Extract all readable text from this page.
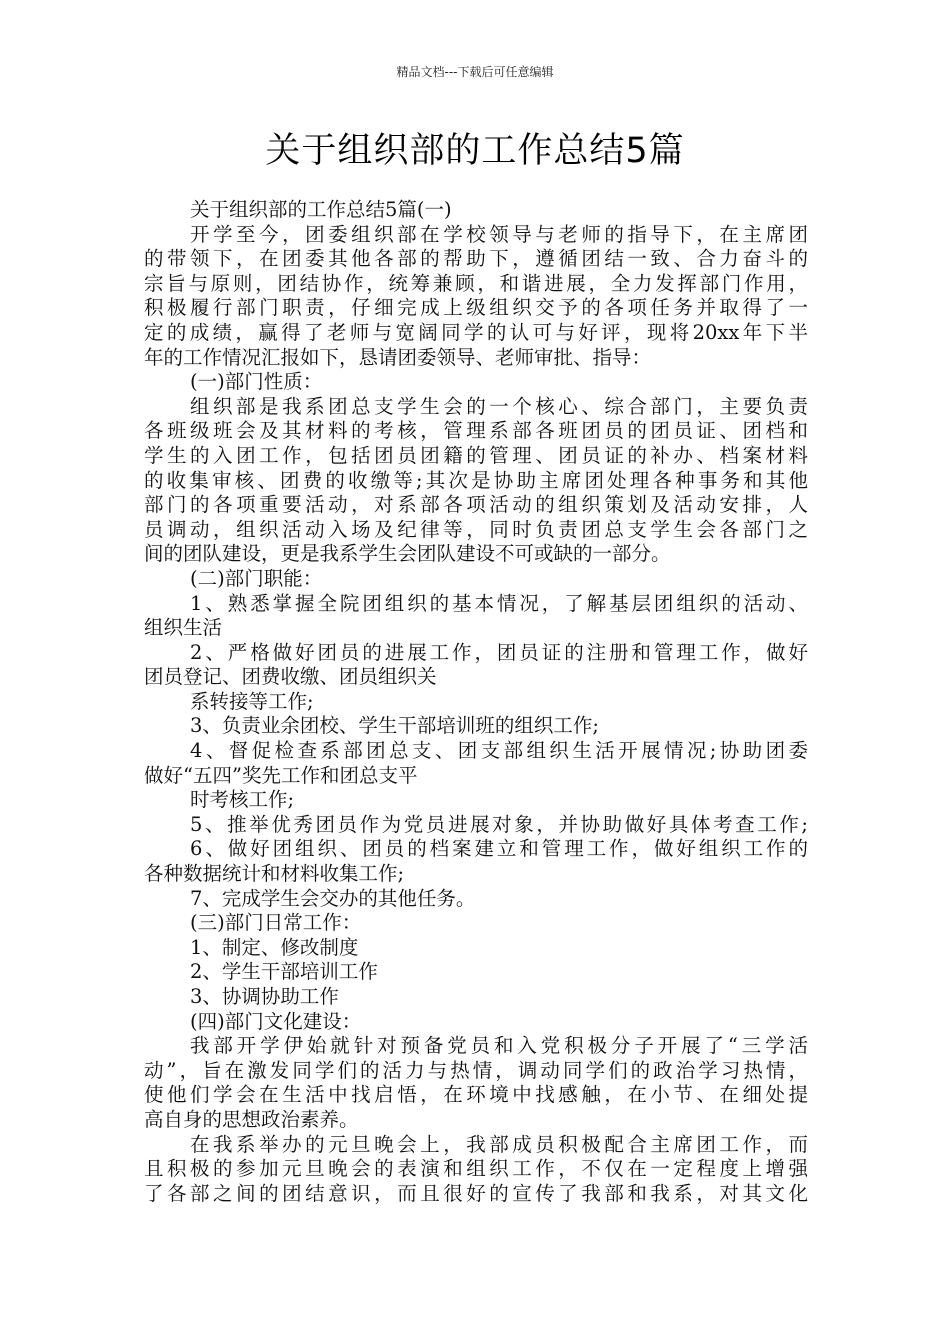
精品文档---下载后可任意编辑
关于组织部的工作总结5篇
关于组织部的工作总结5篇(一)
开学至今，团委组织部在学校领导与老师的指导下，在主席团
的带领下，在团委其他各部的帮助下，遵循团结一致、合力奋斗的
宗旨与原则，团结协作，统筹兼顾，和谐进展，全力发挥部门作用，
积极履行部门职责，仔细完成上级组织交予的各项任务并取得了一
定的成绩，赢得了老师与宽阔同学的认可与好评，现将20xx年下半
年的工作情况汇报如下，恳请团委领导、老师审批、指导：
(一)部门性质：
组织部是我系团总支学生会的一个核心、综合部门，主要负责
各班级班会及其材料的考核，管理系部各班团员的团员证、团档和
学生的入团工作，包括团员团籍的管理、团员证的补办、档案材料
的收集审核、团费的收缴等;其次是协助主席团处理各种事务和其他
部门的各项重要活动，对系部各项活动的组织策划及活动安排，人
员调动，组织活动入场及纪律等，同时负责团总支学生会各部门之
间的团队建设，更是我系学生会团队建设不可或缺的一部分。
(二)部门职能：
1、熟悉掌握全院团组织的基本情况，了解基层团组织的活动、
组织生活
2、严格做好团员的进展工作，团员证的注册和管理工作，做好
团员登记、团费收缴、团员组织关
系转接等工作;
3、负责业余团校、学生干部培训班的组织工作;
4、督促检查系部团总支、团支部组织生活开展情况;协助团委
做好“五四”奖先工作和团总支平
时考核工作;
5、推举优秀团员作为党员进展对象，并协助做好具体考查工作;
6、做好团组织、团员的档案建立和管理工作，做好组织工作的
各种数据统计和材料收集工作;
7、完成学生会交办的其他任务。
(三)部门日常工作：
1、制定、修改制度
2、学生干部培训工作
3、协调协助工作
(四)部门文化建设：
我部开学伊始就针对预备党员和入党积极分子开展了“三学活
动”，旨在激发同学们的活力与热情，调动同学们的政治学习热情，
使他们学会在生活中找启悟，在环境中找感触，在小节、在细处提
高自身的思想政治素养。
在我系举办的元旦晚会上，我部成员积极配合主席团工作，而
且积极的参加元旦晚会的表演和组织工作，不仅在一定程度上增强
了各部之间的团结意识，而且很好的宣传了我部和我系，对其文化
